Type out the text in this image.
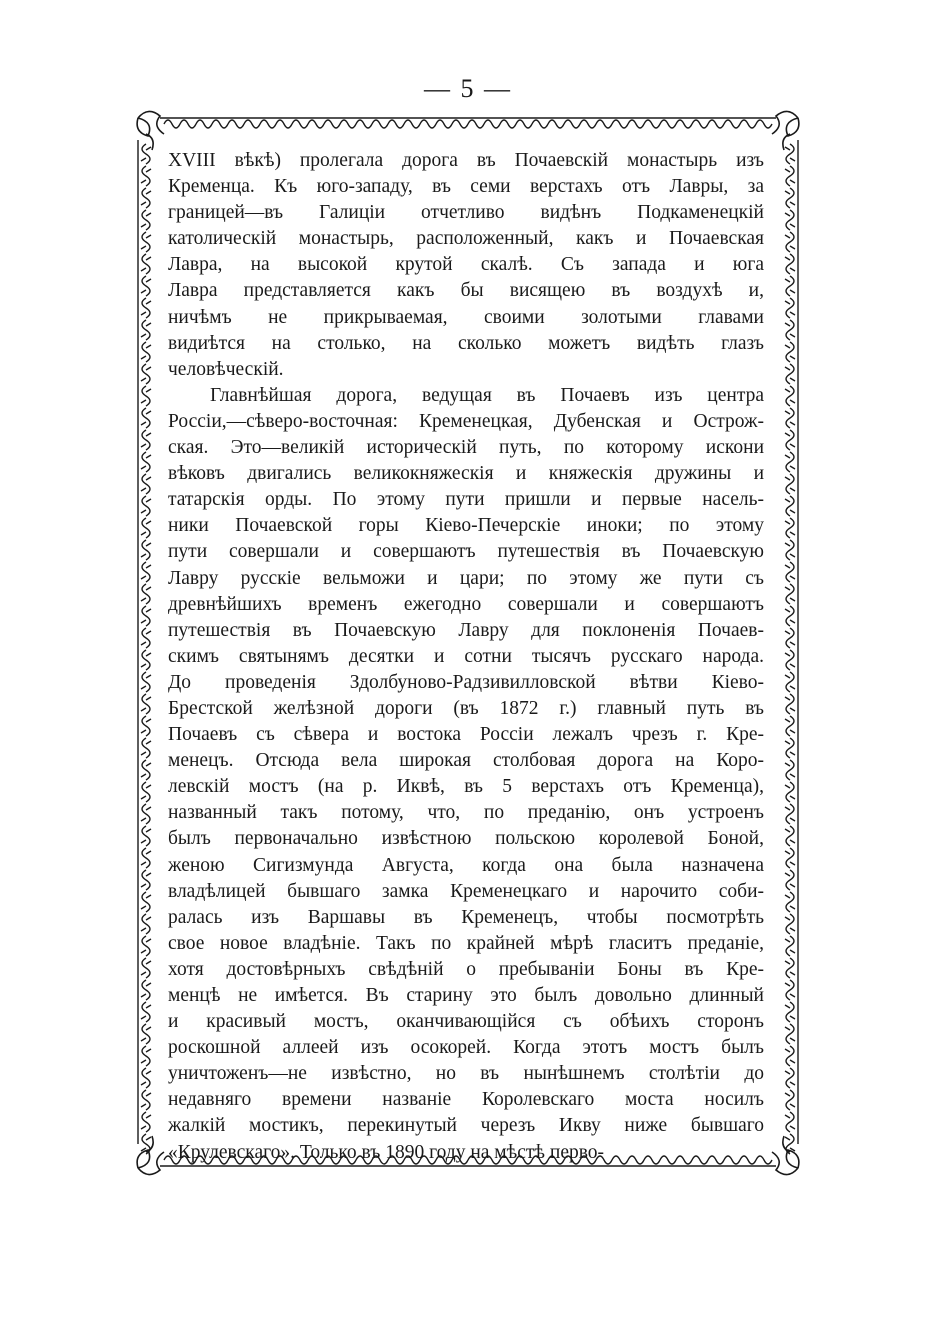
— 5 —
XVIII вѣкѣ) пролегала дорога въ Почаевскій монастырь изъ
Кременца. Къ юго-западу, въ семи верстахъ отъ Лавры, за
границей—въ Галиціи отчетливо видѣнъ Подкаменецкій
католическій монастырь, расположенный, какъ и Почаевская
Лавра, на высокой крутой скалѣ. Съ запада и юга
Лавра представляется какъ бы висящею въ воздухѣ и,
ничѣмъ не прикрываемая, своими золотыми главами
видиѣтся на столько, на сколько можетъ видѣть глазъ
человѣческій.
Главнѣйшая дорога, ведущая въ Почаевъ изъ центра
Россіи,—сѣверо-восточная: Кременецкая, Дубенская и Острож-
ская. Это—великій историческій путь, по которому искони
вѣковъ двигались великокняжескія и княжескія дружины и
татарскія орды. По этому пути пришли и первые насель-
ники Почаевской горы Кіево-Печерскіе иноки; по этому
пути совершали и совершаютъ путешествія въ Почаевскую
Лавру русскіе вельможи и цари; по этому же пути съ
древнѣйшихъ временъ ежегодно совершали и совершаютъ
путешествія въ Почаевскую Лавру для поклоненія Почаев-
скимъ святынямъ десятки и сотни тысячъ русскаго народа.
До проведенія Здолбуново-Радзивилловской вѣтви Кіево-
Брестской желѣзной дороги (въ 1872 г.) главный путь въ
Почаевъ съ сѣвера и востока Россіи лежалъ чрезъ г. Кре-
менецъ. Отсюда вела широкая столбовая дорога на Коро-
левскій мостъ (на р. Иквѣ, въ 5 верстахъ отъ Кременца),
названный такъ потому, что, по преданію, онъ устроенъ
былъ первоначально извѣстною польскою королевой Боной,
женою Сигизмунда Августа, когда она была назначена
владѣлицей бывшаго замка Кременецкаго и нарочито соби-
ралась изъ Варшавы въ Кременецъ, чтобы посмотрѣть
свое новое владѣніе. Такъ по крайней мѣрѣ гласитъ преданіе,
хотя достовѣрныхъ свѣдѣній о пребываніи Боны въ Кре-
менцѣ не имѣется. Въ старину это былъ довольно длинный
и красивый мостъ, оканчивающійся съ обѣихъ сторонъ
роскошной аллеей изъ осокорей. Когда этотъ мостъ былъ
уничтоженъ—не извѣстно, но въ нынѣшнемъ столѣтіи до
недавняго времени названіе Королевскаго моста носилъ
жалкій мостикъ, перекинутый черезъ Икву ниже бывшаго
«Крулевскаго». Только въ 1890 году на мѣстѣ перво-
